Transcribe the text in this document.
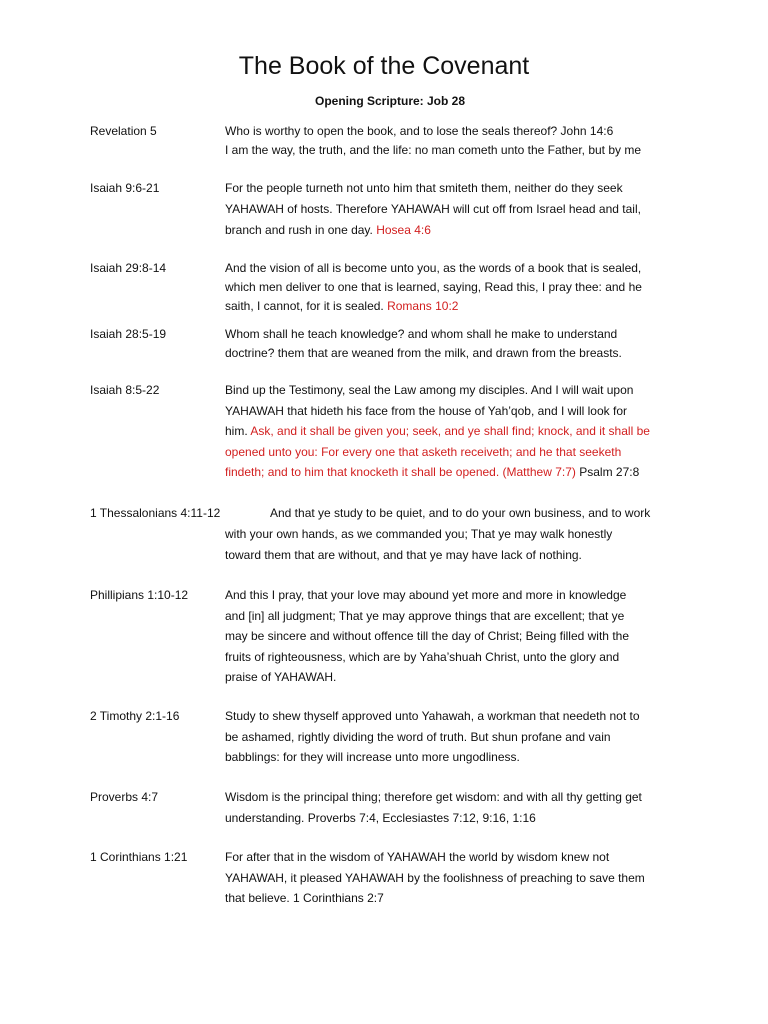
The Book of the Covenant
Opening Scripture: Job 28
Revelation 5	Who is worthy to open the book, and to lose the seals thereof? John 14:6
I am the way, the truth, and the life: no man cometh unto the Father, but by me
Isaiah 9:6-21	For the people turneth not unto him that smiteth them, neither do they seek
YAHAWAH of hosts. Therefore YAHAWAH will cut off from Israel head and tail,
branch and rush in one day. Hosea 4:6
Isaiah 29:8-14	And the vision of all is become unto you, as the words of a book that is sealed,
which men deliver to one that is learned, saying, Read this, I pray thee: and he
saith, I cannot, for it is sealed. Romans 10:2
Isaiah 28:5-19	Whom shall he teach knowledge? and whom shall he make to understand
doctrine? them that are weaned from the milk, and drawn from the breasts.
Isaiah 8:5-22	Bind up the Testimony, seal the Law among my disciples. And I will wait upon
YAHAWAH that hideth his face from the house of Yah’qob, and I will look for
him. Ask, and it shall be given you; seek, and ye shall find; knock, and it shall be
opened unto you: For every one that asketh receiveth; and he that seeketh
findeth; and to him that knocketh it shall be opened. (Matthew 7:7) Psalm 27:8
1 Thessalonians 4:11-12	And that ye study to be quiet, and to do your own business, and to work
with your own hands, as we commanded you; That ye may walk honestly
toward them that are without, and that ye may have lack of nothing.
Phillipians 1:10-12	And this I pray, that your love may abound yet more and more in knowledge
and [in] all judgment; That ye may approve things that are excellent; that ye
may be sincere and without offence till the day of Christ; Being filled with the
fruits of righteousness, which are by Yaha’shuah Christ, unto the glory and
praise of YAHAWAH.
2 Timothy 2:1-16	Study to shew thyself approved unto Yahawah, a workman that needeth not to
be ashamed, rightly dividing the word of truth. But shun profane and vain
babblings: for they will increase unto more ungodliness.
Proverbs 4:7	Wisdom is the principal thing; therefore get wisdom: and with all thy getting get
understanding. Proverbs 7:4, Ecclesiastes 7:12, 9:16, 1:16
1 Corinthians 1:21	For after that in the wisdom of YAHAWAH the world by wisdom knew not
YAHAWAH, it pleased YAHAWAH by the foolishness of preaching to save them
that believe. 1 Corinthians 2:7
